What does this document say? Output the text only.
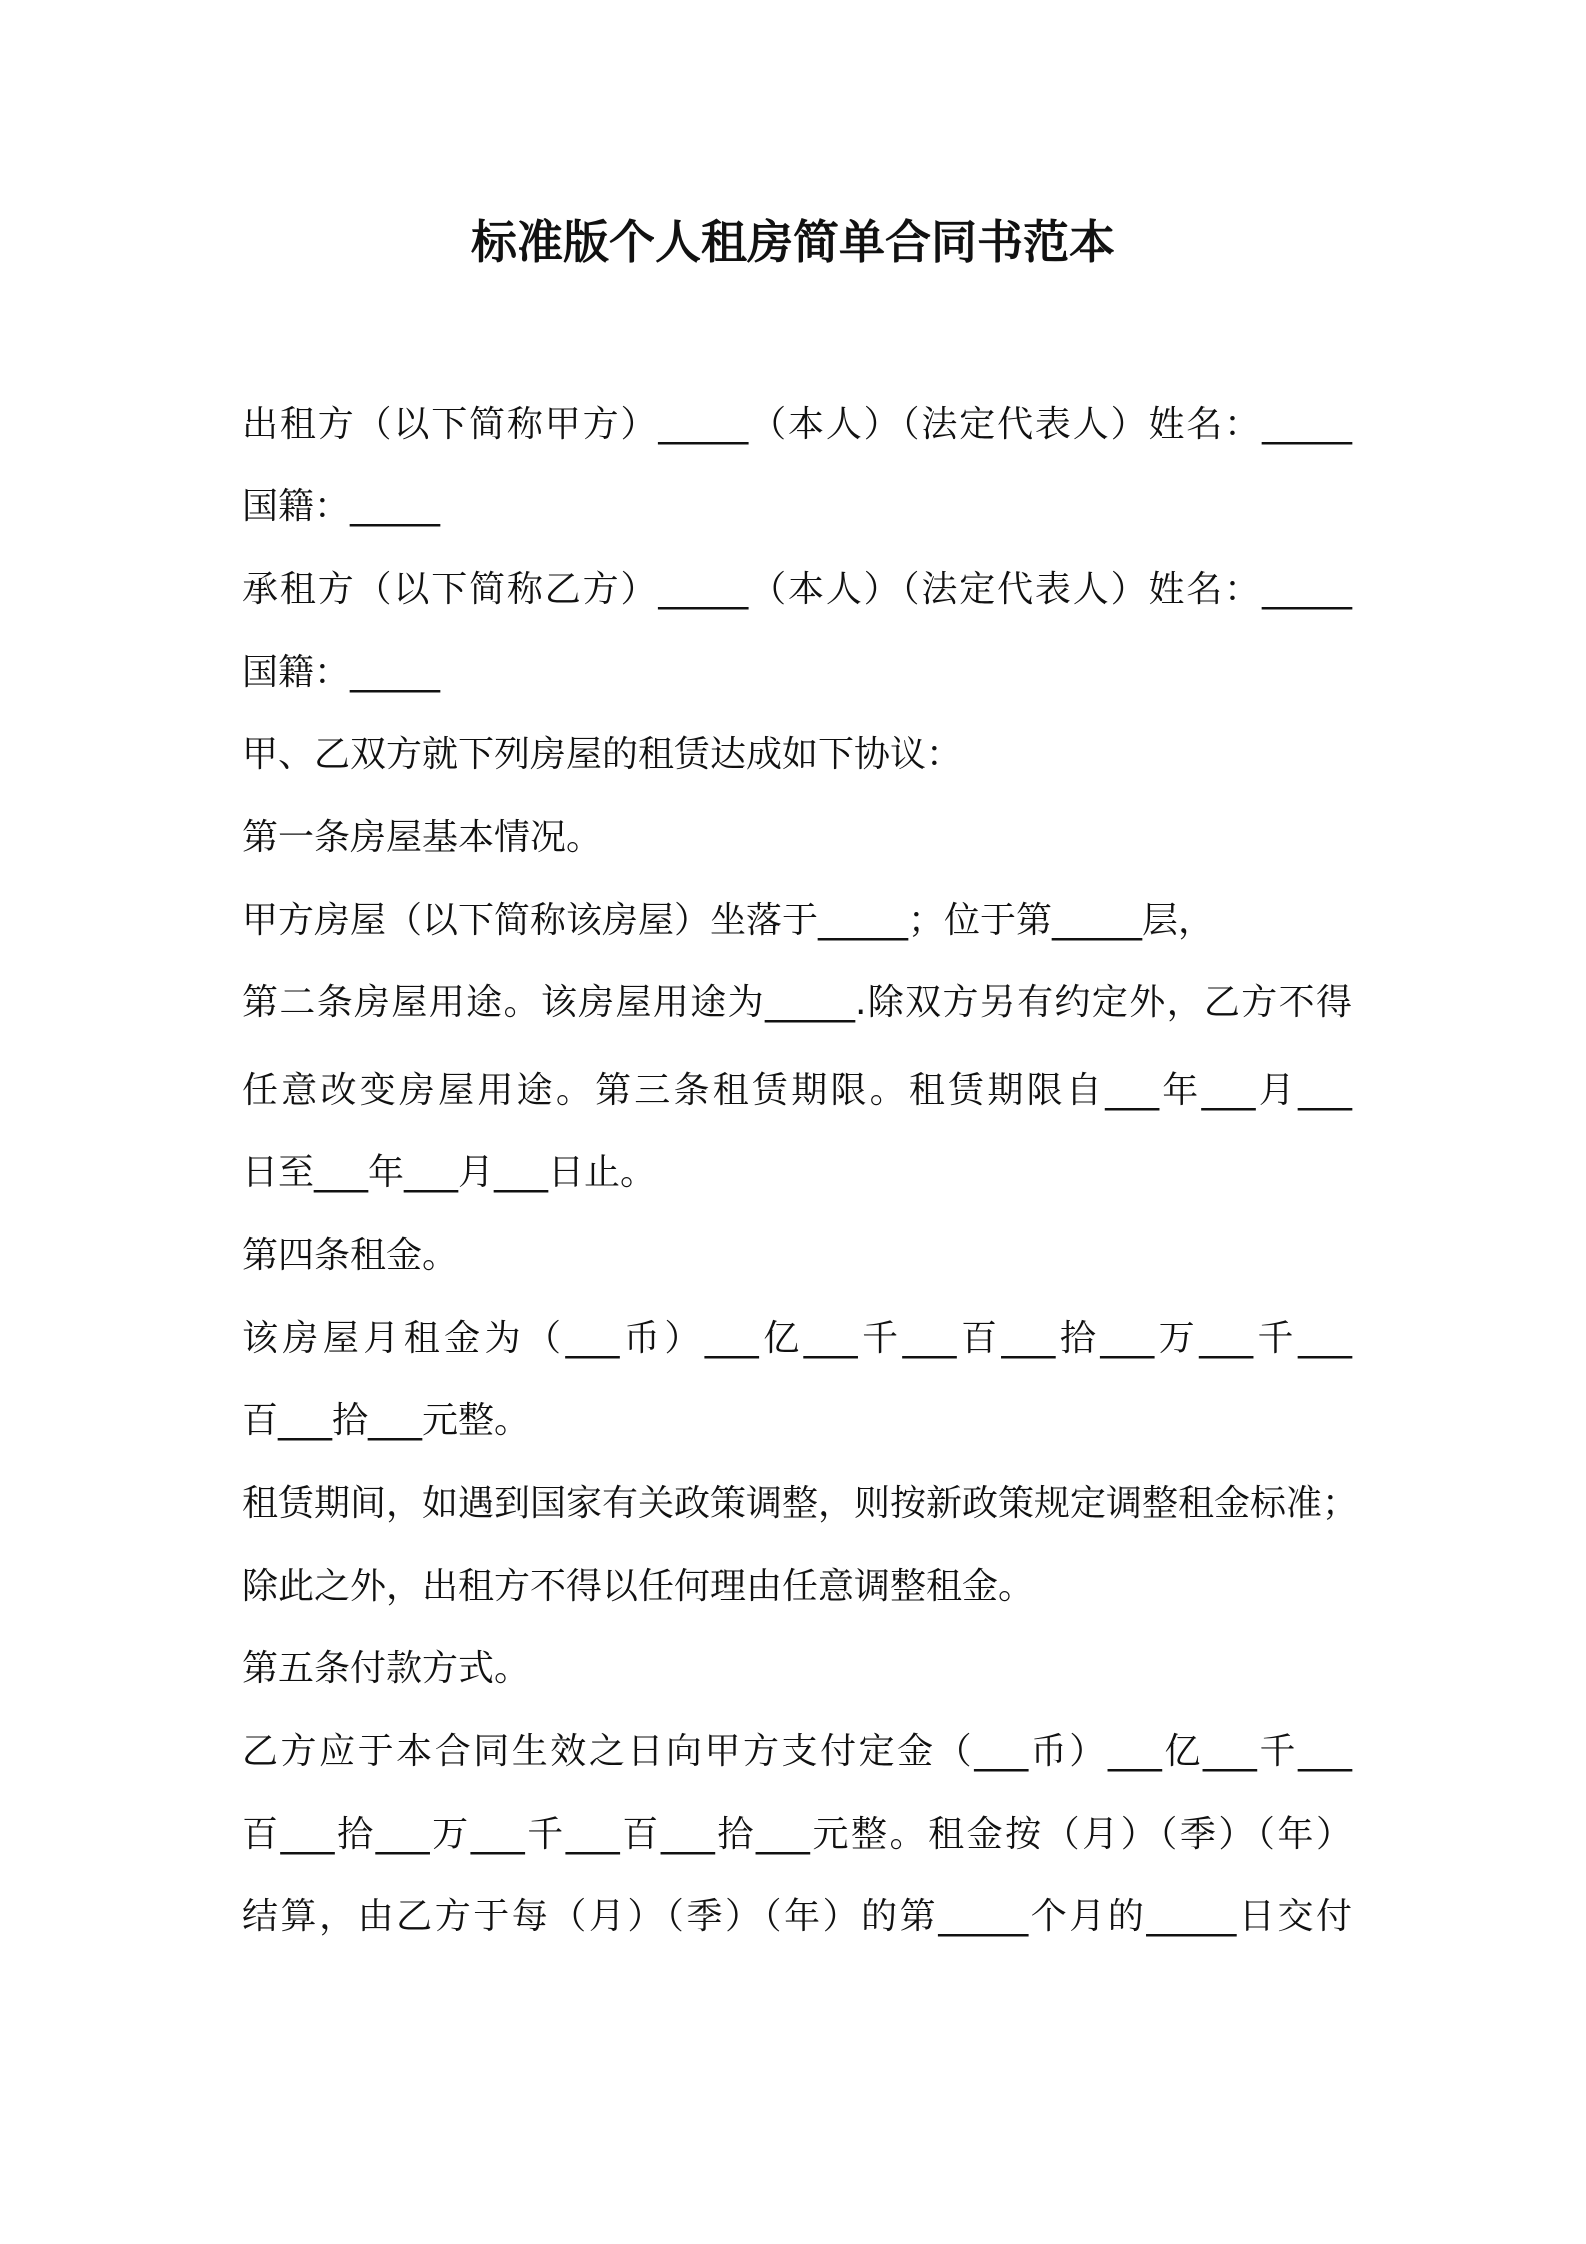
标准版个人租房简单合同书范本
出租方（以下简称甲方）_____（本人）（法定代表人）姓名：_____
国籍：_____
承租方（以下简称乙方）_____（本人）（法定代表人）姓名：_____
国籍：_____
甲、乙双方就下列房屋的租赁达成如下协议：
第一条房屋基本情况。
甲方房屋（以下简称该房屋）坐落于_____；位于第_____层，
第二条房屋用途。该房屋用途为_____.除双方另有约定外，乙方不得
任意改变房屋用途。第三条租赁期限。租赁期限自___年___月___
日至___年___月___日止。
第四条租金。
该房屋月租金为（___币）___亿___千___百___拾___万___千___
百___拾___元整。
租赁期间，如遇到国家有关政策调整，则按新政策规定调整租金标准；
除此之外，出租方不得以任何理由任意调整租金。
第五条付款方式。
乙方应于本合同生效之日向甲方支付定金（___币）___亿___千___
百___拾___万___千___百___拾___元整。租金按（月）（季）（年）
结算，由乙方于每（月）（季）（年）的第_____个月的_____日交付
